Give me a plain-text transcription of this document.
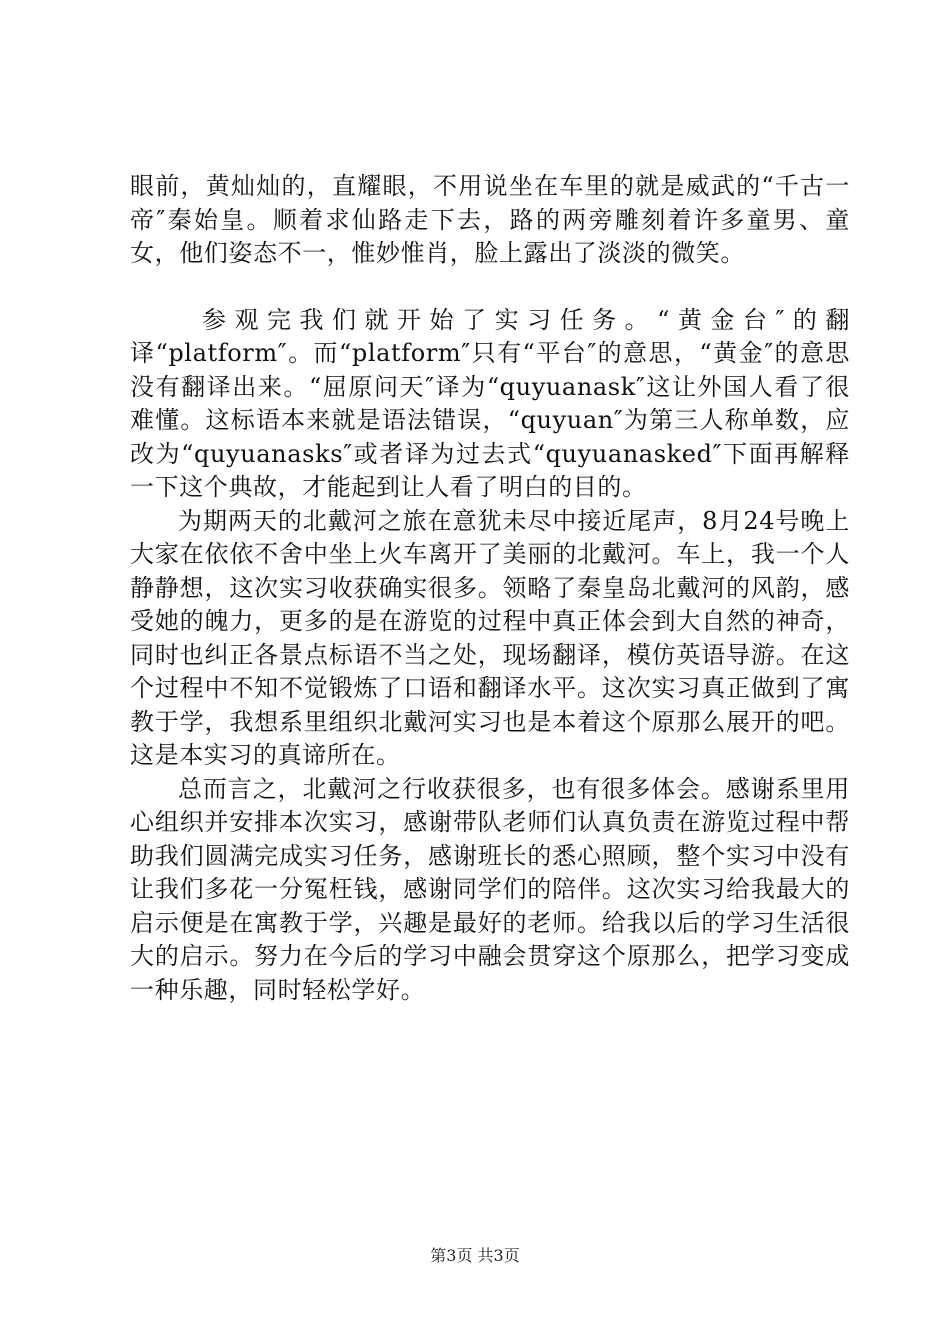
眼前，黄灿灿的，直耀眼，不用说坐在车里的就是威武的“千古一帝″秦始皇。顺着求仙路走下去，路的两旁雕刻着许多童男、童女，他们姿态不一，惟妙惟肖，脸上露出了淡淡的微笑。

参观完我们就开始了实习任务。“黄金台″的翻译“platform″。而“platform″只有“平台″的意思，“黄金″的意思没有翻译出来。“屈原问天″译为“quyuanask″这让外国人看了很难懂。这标语本来就是语法错误，“quyuan″为第三人称单数，应改为“quyuanasks″或者译为过去式“quyuanasked″下面再解释一下这个典故，才能起到让人看了明白的目的。

为期两天的北戴河之旅在意犹未尽中接近尾声，8月24号晚上大家在依依不舍中坐上火车离开了美丽的北戴河。车上，我一个人静静想，这次实习收获确实很多。领略了秦皇岛北戴河的风韵，感受她的魄力，更多的是在游览的过程中真正体会到大自然的神奇，同时也纠正各景点标语不当之处，现场翻译，模仿英语导游。在这个过程中不知不觉锻炼了口语和翻译水平。这次实习真正做到了寓教于学，我想系里组织北戴河实习也是本着这个原那么展开的吧。这是本实习的真谛所在。

总而言之，北戴河之行收获很多，也有很多体会。感谢系里用心组织并安排本次实习，感谢带队老师们认真负责在游览过程中帮助我们圆满完成实习任务，感谢班长的悉心照顾，整个实习中没有让我们多花一分冤枉钱，感谢同学们的陪伴。这次实习给我最大的启示便是在寓教于学，兴趣是最好的老师。给我以后的学习生活很大的启示。努力在今后的学习中融会贯穿这个原那么，把学习变成一种乐趣，同时轻松学好。

第3页 共3页
